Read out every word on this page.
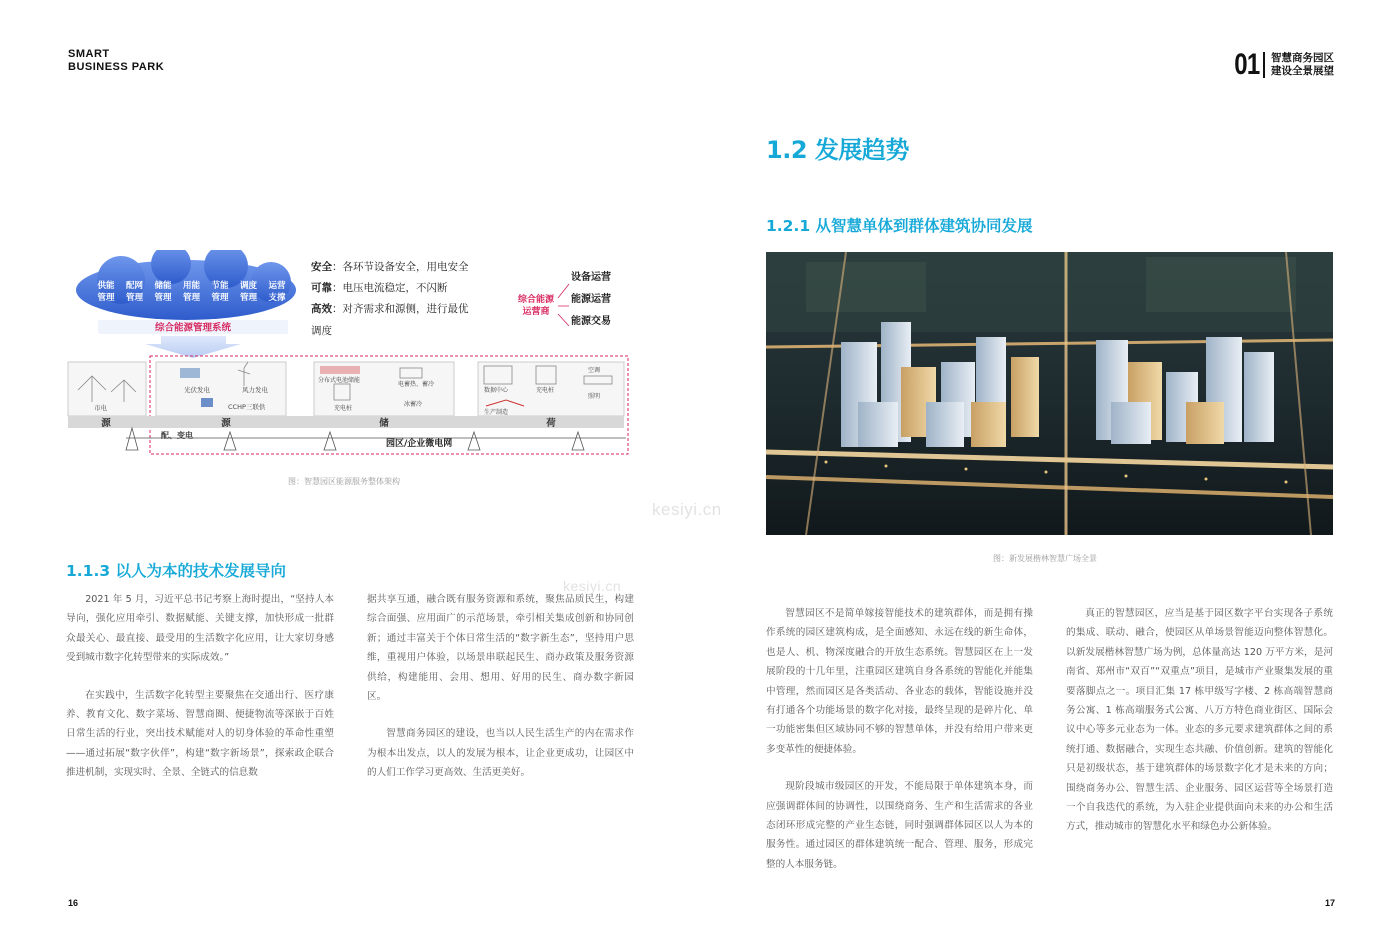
SMART
BUSINESS PARK	01 智慧商务园区
建设全景展望
供能
管理
配网
管理
储能
管理
用能
管理
节能
管理
调度
管理
运营
支撑
综合能源管理系统
安全：各环节设备安全，用电安全
可靠：电压电流稳定，不闪断
高效：对齐需求和源侧，进行最优
调度
综合能源
运营商
设备运营
能源运营
能源交易
市电
光伏发电	风力发电
CCHP三联供
分布式电池储能
充电桩
电蓄热、蓄冷
冰蓄冷
数据中心	充电桩
空调
照明
生产制造
源	源	储	荷
配、变电
园区/企业微电网
图：智慧园区能源服务整体架构
1.1.3 以人为本的技术发展导向

2021 年 5 月，习近平总书记考察上海时提出，“坚持人本导向，强化应用牵引、数据赋能、关键支撑，加快形成一批群众最关心、最直接、最受用的生活数字化应用，让大家切身感受到城市数字化转型带来的实际成效。”

在实践中，生活数字化转型主要聚焦在交通出行、医疗康养、教育文化、数字菜场、智慧商圈、便捷物流等深嵌于百姓日常生活的行业，突出技术赋能对人的切身体验的革命性重塑——通过拓展“数字伙伴”，构建“数字新场景”，探索政企联合推进机制，实现实时、全景、全链式的信息数

据共享互通，融合既有服务资源和系统，聚焦品质民生，构建综合面强、应用面广的示范场景，牵引相关集成创新和协同创新；通过丰富关于个体日常生活的“数字新生态”，坚持用户思维，重视用户体验，以场景串联起民生、商办政策及服务资源供给，构建能用、会用、想用、好用的民生、商办数字新园区。

智慧商务园区的建设，也当以人民生活生产的内在需求作为根本出发点，以人的发展为根本，让企业更成功，让园区中的人们工作学习更高效、生活更美好。

16
1.2 发展趋势
1.2.1 从智慧单体到群体建筑协同发展
图：新发展楷林智慧广场全景

智慧园区不是简单嫁接智能技术的建筑群体，而是拥有操作系统的园区建筑构成，是全面感知、永远在线的新生命体，也是人、机、物深度融合的开放生态系统。智慧园区在上一发展阶段的十几年里，注重园区建筑自身各系统的智能化并能集中管理，然而园区是各类活动、各业态的载体，智能设施并没有打通各个功能场景的数字化对接，最终呈现的是碎片化、单一功能密集但区域协同不够的智慧单体，并没有给用户带来更多变革性的便捷体验。

现阶段城市级园区的开发，不能局限于单体建筑本身，而应强调群体间的协调性，以围绕商务、生产和生活需求的各业态闭环形成完整的产业生态链，同时强调群体园区以人为本的服务性。通过园区的群体建筑统一配合、管理、服务，形成完整的人本服务链。

真正的智慧园区，应当是基于园区数字平台实现各子系统的集成、联动、融合，使园区从单场景智能迈向整体智慧化。以新发展楷林智慧广场为例，总体量高达 120 万平方米，是河南省、郑州市“双百”“双重点”项目，是城市产业聚集发展的重要落脚点之一。项目汇集 17 栋甲级写字楼、2 栋高端智慧商务公寓、1 栋高端服务式公寓、八万方特色商业街区、国际会议中心等多元业态为一体。业态的多元要求建筑群体之间的系统打通、数据融合，实现生态共融、价值创新。建筑的智能化只是初级状态，基于建筑群体的场景数字化才是未来的方向；围绕商务办公、智慧生活、企业服务、园区运营等全场景打造一个自我迭代的系统，为入驻企业提供面向未来的办公和生活方式，推动城市的智慧化水平和绿色办公新体验。

17
kesiyi.cn
kesiyi.cn
